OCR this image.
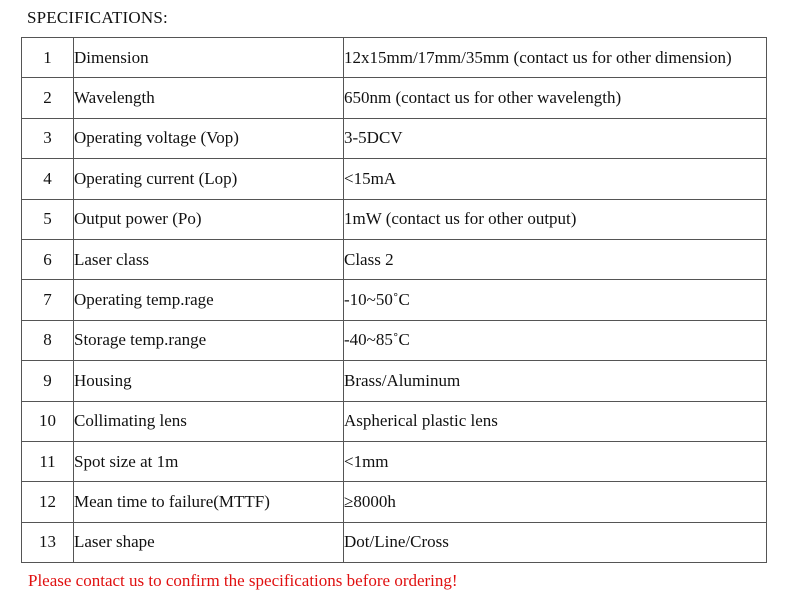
SPECIFICATIONS:
1	Dimension	12x15mm/17mm/35mm (contact us for other dimension)
2	Wavelength	650nm (contact us for other wavelength)
3	Operating voltage (Vop)	3-5DCV
4	Operating current (Lop)	<15mA
5	Output power (Po)	1mW (contact us for other output)
6	Laser class	Class 2
7	Operating temp.rage	-10~50˚C
8	Storage temp.range	-40~85˚C
9	Housing	Brass/Aluminum
10	Collimating lens	Aspherical plastic lens
11	Spot size at 1m	<1mm
12	Mean time to failure(MTTF)	≥8000h
13	Laser shape	Dot/Line/Cross
Please contact us to confirm the specifications before ordering!
